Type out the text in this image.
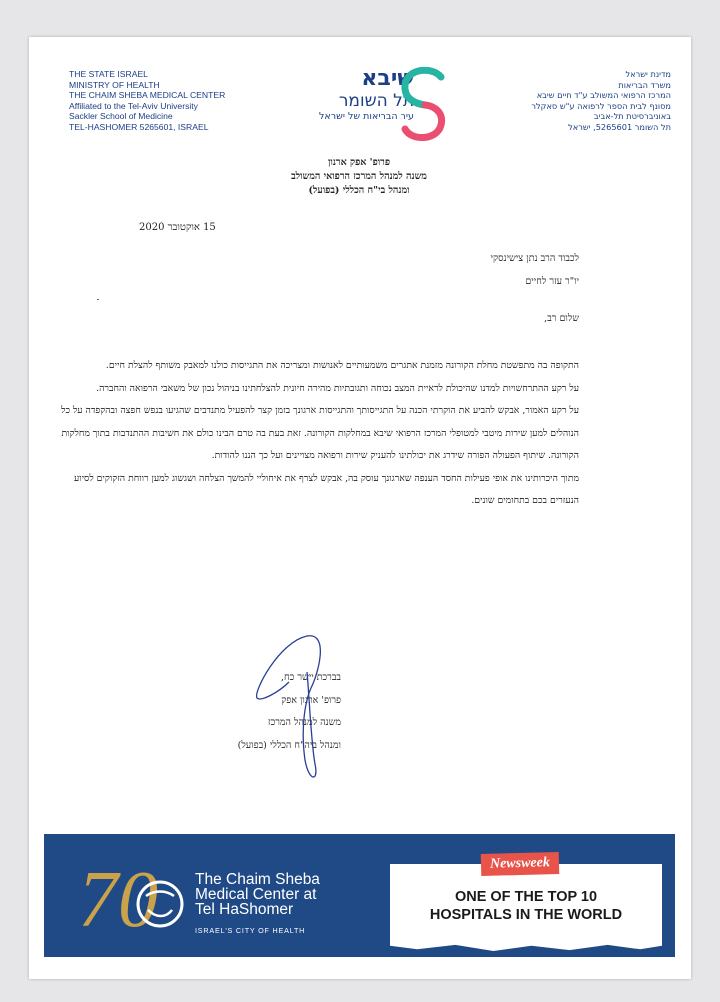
THE STATE ISRAEL
MINISTRY OF HEALTH
THE CHAIM SHEBA MEDICAL CENTER
Affiliated to the Tel-Aviv University
Sackler School of Medicine
TEL-HASHOMER 5265601, ISRAEL
שיבא
תל השומר
עיר הבריאות של ישראל
מדינת ישראל
משרד הבריאות
המרכז הרפואי המשולב ע"ד חיים שיבא
מסונף לבית הספר לרפואה ע"ש סאקלר
באוניברסיטת תל-אביב
תל השומר 5265601, ישראל
פרופ' אפק ארנון
משנה למנהל המרכז הרפואי המשולב
ומנהל בי"ח הכללי (בפועל)
15 אוקטובר 2020
לכבוד הרב נתן צישינסקי
יו"ר עזר לחיים
שלום רב,

התקופה בה מתפשטת מחלת הקורונה מזמנת אתגרים משמעותיים לאנושות ומצריכה את התגייסות כולנו למאבק משותף להצלת חיים.

על רקע ההתרחשויות למדנו שהיכולת לראיית המצב נכוחה ותגובתיות מהירה חיונית להצלחתינו בניהול נכון של משאבי הרפואה והחברה.

על רקע האמור, אבקש להביע את הוקרתי הכנה על התגייסותך והתגייסות ארגונך בזמן קצר להפעיל מתנדבים שהגיעו בנפש חפצה ובהקפדה על כל הנוהלים למען שירות מיטבי למטופלי המרכז הרפואי שיבא במחלקות הקורונה. זאת בעת בה טרם הבינו כולם את חשיבות ההתנדבות בתוך מחלקות הקורונה. שיתוף הפעולה הפורה שידרג את יכולתינו להעניק שירות ורפואה מצויינים ועל כך הננו להודות.

מתוך היכרותינו את אופי פעילות החסד הענפה שארגונך עוסק בה, אבקש לצרף את איחוליי להמשך הצלחה ושגשוג למען רווחת הזקוקים לסיוע הנעזרים בכם בתחומים שונים.

בברכת יישר כח,
פרופ' ארנון אפק
משנה למנהל המרכז
ומנהל ביה"ח הכללי (בפועל)
70 The Chaim Sheba
Medical Center at
Tel HaShomer
ISRAEL'S CITY OF HEALTH
Newsweek
ONE OF THE TOP 10
HOSPITALS IN THE WORLD
